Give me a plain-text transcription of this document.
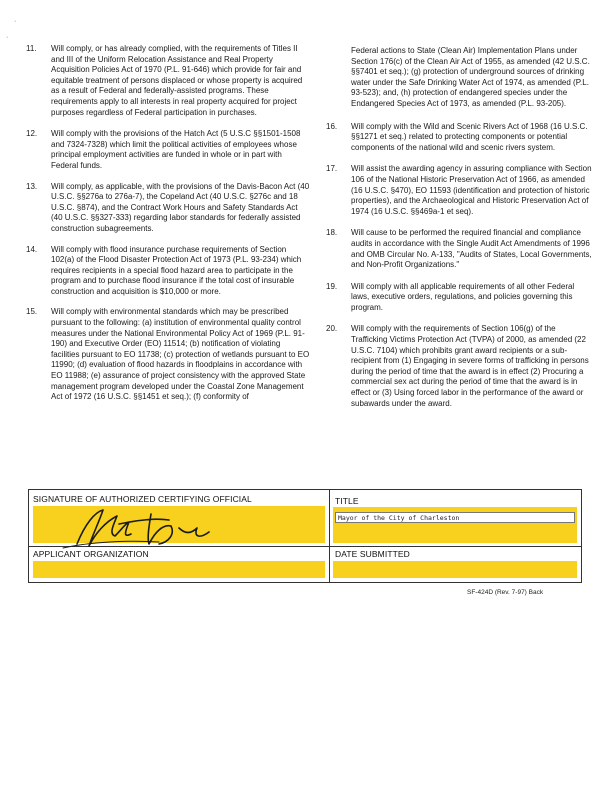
·
·
11.	Will comply, or has already complied, with the requirements of Titles II and III of the Uniform Relocation Assistance and Real Property Acquisition Policies Act of 1970 (P.L. 91-646) which provide for fair and equitable treatment of persons displaced or whose property is acquired as a result of Federal and federally-assisted programs. These requirements apply to all interests in real property acquired for project purposes regardless of Federal participation in purchases.

12.	Will comply with the provisions of the Hatch Act (5 U.S.C §§1501-1508 and 7324-7328) which limit the political activities of employees whose principal employment activities are funded in whole or in part with Federal funds.

13.	Will comply, as applicable, with the provisions of the Davis-Bacon Act (40 U.S.C. §§276a to 276a-7), the Copeland Act (40 U.S.C. §276c and 18 U.S.C. §874), and the Contract Work Hours and Safety Standards Act (40 U.S.C. §§327-333) regarding labor standards for federally assisted construction subagreements.

14.	Will comply with flood insurance purchase requirements of Section 102(a) of the Flood Disaster Protection Act of 1973 (P.L. 93-234) which requires recipients in a special flood hazard area to participate in the program and to purchase flood insurance if the total cost of insurable construction and acquisition is $10,000 or more.

15.	Will comply with environmental standards which may be prescribed pursuant to the following: (a) institution of environmental quality control measures under the National Environmental Policy Act of 1969 (P.L. 91-190) and Executive Order (EO) 11514; (b) notification of violating facilities pursuant to EO 11738; (c) protection of wetlands pursuant to EO 11990; (d) evaluation of flood hazards in floodplains in accordance with EO 11988; (e) assurance of project consistency with the approved State management program developed under the Coastal Zone Management Act of 1972 (16 U.S.C. §§1451 et seq.); (f) conformity of

Federal actions to State (Clean Air) Implementation Plans under Section 176(c) of the Clean Air Act of 1955, as amended (42 U.S.C. §§7401 et seq.); (g) protection of underground sources of drinking water under the Safe Drinking Water Act of 1974, as amended (P.L. 93-523); and, (h) protection of endangered species under the Endangered Species Act of 1973, as amended (P.L. 93-205).

16.	Will comply with the Wild and Scenic Rivers Act of 1968 (16 U.S.C. §§1271 et seq.) related to protecting components or potential components of the national wild and scenic rivers system.

17.	Will assist the awarding agency in assuring compliance with Section 106 of the National Historic Preservation Act of 1966, as amended (16 U.S.C. §470), EO 11593 (identification and protection of historic properties), and the Archaeological and Historic Preservation Act of 1974 (16 U.S.C. §§469a-1 et seq).

18.	Will cause to be performed the required financial and compliance audits in accordance with the Single Audit Act Amendments of 1996 and OMB Circular No. A-133, "Audits of States, Local Governments, and Non-Profit Organizations."

19.	Will comply with all applicable requirements of all other Federal laws, executive orders, regulations, and policies governing this program.

20.	Will comply with the requirements of Section 106(g) of the Trafficking Victims Protection Act (TVPA) of 2000, as amended (22 U.S.C. 7104) which prohibits grant award recipients or a sub-recipient from (1) Engaging in severe forms of trafficking in persons during the period of time that the award is in effect (2) Procuring a commercial sex act during the period of time that the award is in effect or (3) Using forced labor in the performance of the award or subawards under the award.

SIGNATURE OF AUTHORIZED CERTIFYING OFFICIAL	TITLE
Mayor of the City of Charleston
APPLICANT ORGANIZATION	DATE SUBMITTED
SF-424D (Rev. 7-97) Back
